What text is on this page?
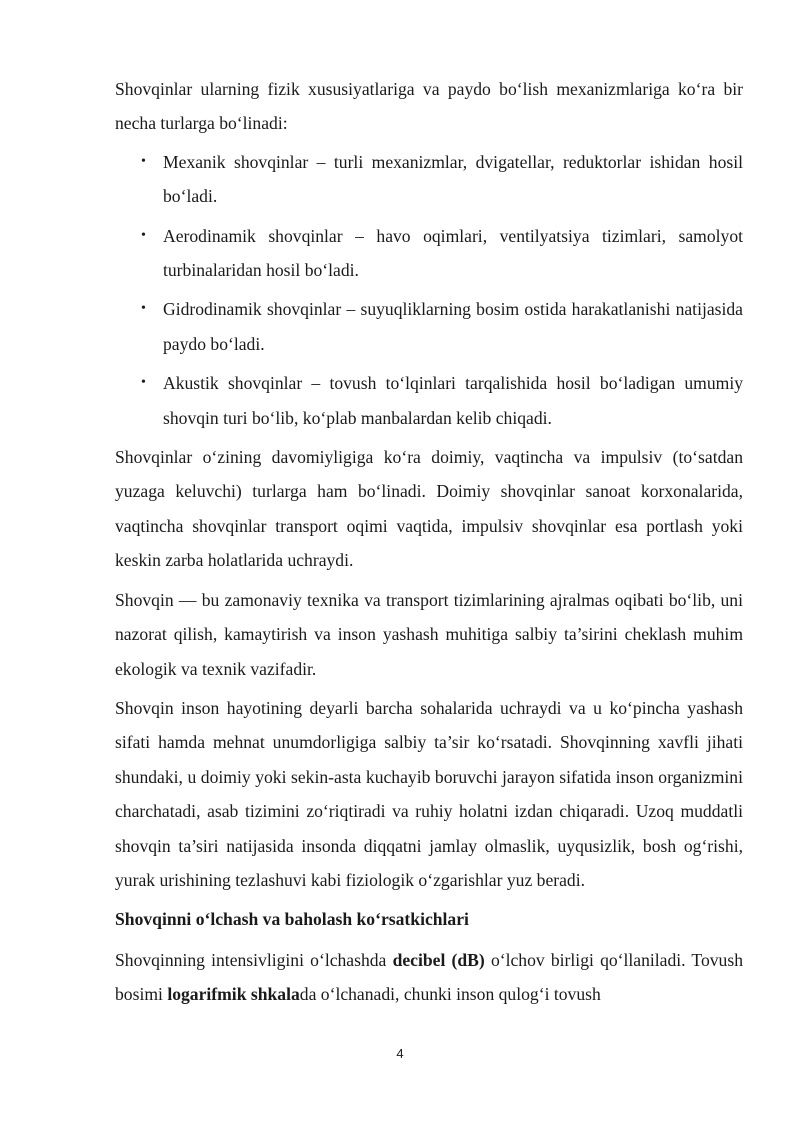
Shovqinlar ularning fizik xususiyatlariga va paydo bo‘lish mexanizmlariga ko‘ra bir necha turlarga bo‘linadi:

• Mexanik shovqinlar – turli mexanizmlar, dvigatellar, reduktorlar ishidan hosil bo‘ladi.
• Aerodinamik shovqinlar – havo oqimlari, ventilyatsiya tizimlari, samolyot turbinalaridan hosil bo‘ladi.
• Gidrodinamik shovqinlar – suyuqliklarning bosim ostida harakatlanishi natijasida paydo bo‘ladi.
• Akustik shovqinlar – tovush to‘lqinlari tarqalishida hosil bo‘ladigan umumiy shovqin turi bo‘lib, ko‘plab manbalardan kelib chiqadi.

Shovqinlar o‘zining davomiyligiga ko‘ra doimiy, vaqtincha va impulsiv (to‘satdan yuzaga keluvchi) turlarga ham bo‘linadi. Doimiy shovqinlar sanoat korxonalarida, vaqtincha shovqinlar transport oqimi vaqtida, impulsiv shovqinlar esa portlash yoki keskin zarba holatlarida uchraydi.

Shovqin — bu zamonaviy texnika va transport tizimlarining ajralmas oqibati bo‘lib, uni nazorat qilish, kamaytirish va inson yashash muhitiga salbiy ta’sirini cheklash muhim ekologik va texnik vazifadir.

Shovqin inson hayotining deyarli barcha sohalarida uchraydi va u ko‘pincha yashash sifati hamda mehnat unumdorligiga salbiy ta’sir ko‘rsatadi. Shovqinning xavfli jihati shundaki, u doimiy yoki sekin-asta kuchayib boruvchi jarayon sifatida inson organizmini charchatadi, asab tizimini zo‘riqtiradi va ruhiy holatni izdan chiqaradi. Uzoq muddatli shovqin ta’siri natijasida insonda diqqatni jamlay olmaslik, uyqusizlik, bosh og‘rishi, yurak urishining tezlashuvi kabi fiziologik o‘zgarishlar yuz beradi.

Shovqinni o‘lchash va baholash ko‘rsatkichlari

Shovqinning intensivligini o‘lchashda decibel (dB) o‘lchov birligi qo‘llaniladi. Tovush bosimi logarifmik shkalada o‘lchanadi, chunki inson qulog‘i tovush

4
